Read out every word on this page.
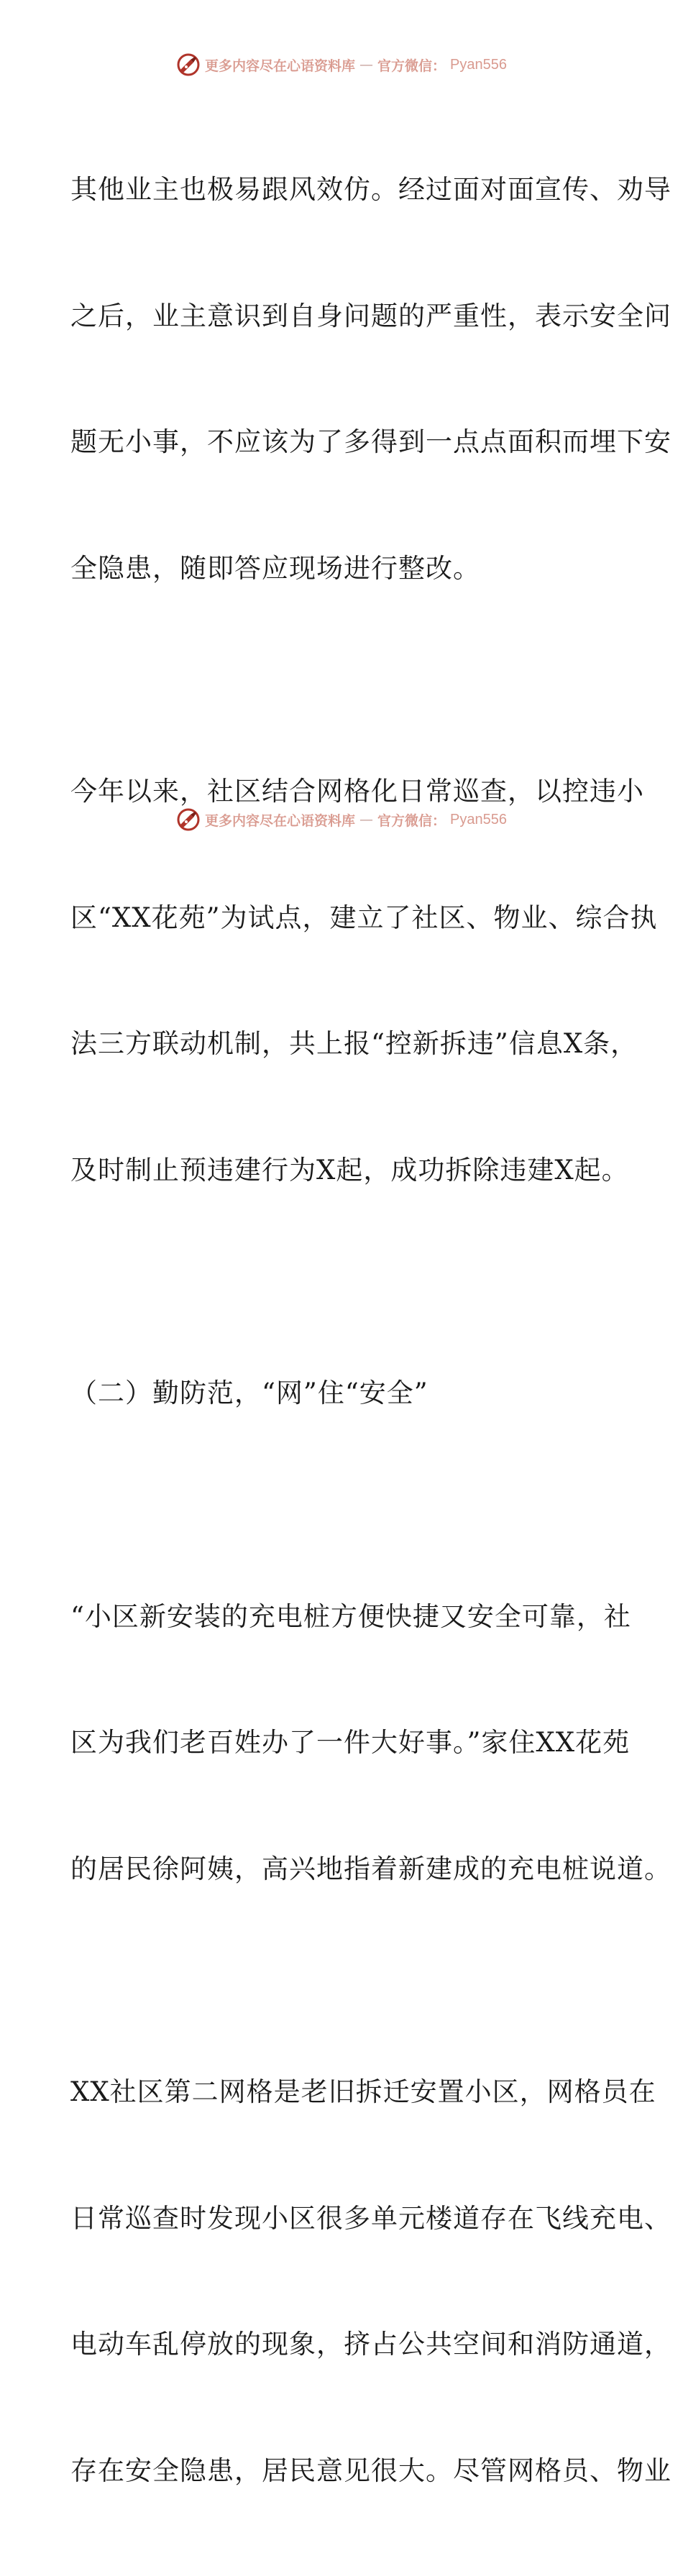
更多内容尽在心语资料库 — 官方微信： Pyan556

其他业主也极易跟风效仿。经过面对面宣传、劝导

之后，业主意识到自身问题的严重性，表示安全问

题无小事，不应该为了多得到一点点面积而埋下安

全隐患，随即答应现场进行整改。

今年以来，社区结合网格化日常巡查，以控违小

区“XX花苑”为试点，建立了社区、物业、综合执

法三方联动机制，共上报“控新拆违”信息X条，

及时制止预违建行为X起，成功拆除违建X起。

（二）勤防范，“网”住“安全”

“小区新安装的充电桩方便快捷又安全可靠，社

区为我们老百姓办了一件大好事。”家住XX花苑

的居民徐阿姨，高兴地指着新建成的充电桩说道。

XX社区第二网格是老旧拆迁安置小区，网格员在

日常巡查时发现小区很多单元楼道存在飞线充电、

电动车乱停放的现象，挤占公共空间和消防通道，

存在安全隐患，居民意见很大。尽管网格员、物业

更多内容尽在心语资料库 — 官方微信： Pyan556
